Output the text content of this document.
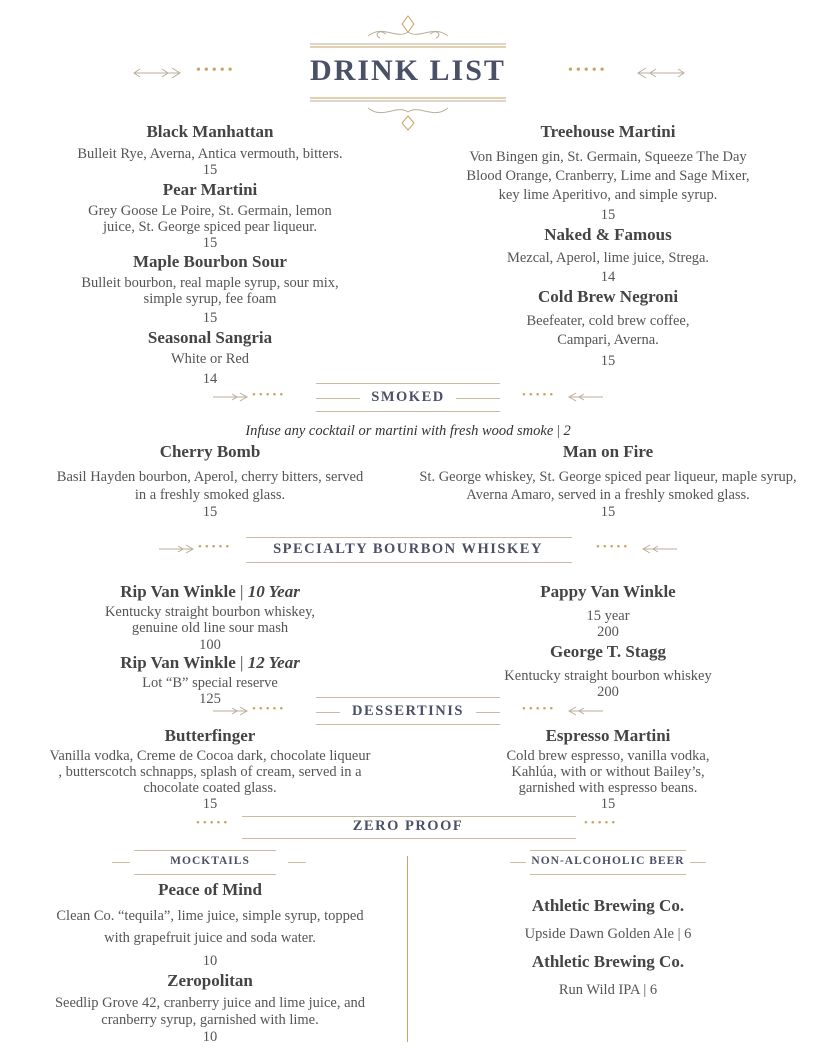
•••••	DRINK LIST	•••••
Black Manhattan
Bulleit Rye, Averna, Antica vermouth, bitters.
15
Pear Martini
Grey Goose Le Poire, St. Germain, lemon juice, St. George spiced pear liqueur.
15
Maple Bourbon Sour
Bulleit bourbon, real maple syrup, sour mix, simple syrup, fee foam
15
Seasonal Sangria
White or Red
14
Treehouse Martini
Von Bingen gin, St. Germain, Squeeze The Day Blood Orange, Cranberry, Lime and Sage Mixer, key lime Aperitivo, and simple syrup.
15
Naked & Famous
Mezcal, Aperol, lime juice, Strega.
14
Cold Brew Negroni
Beefeater, cold brew coffee, Campari, Averna.
15
•••••	SMOKED	•••••
Infuse any cocktail or martini with fresh wood smoke | 2
Cherry Bomb
Basil Hayden bourbon, Aperol, cherry bitters, served in a freshly smoked glass.
15
Man on Fire
St. George whiskey, St. George spiced pear liqueur, maple syrup, Averna Amaro, served in a freshly smoked glass.
15
•••••	SPECIALTY BOURBON WHISKEY	•••••
Rip Van Winkle | 10 Year
Kentucky straight bourbon whiskey, genuine old line sour mash
100
Rip Van Winkle | 12 Year
Lot “B” special reserve
125
Pappy Van Winkle
15 year
200
George T. Stagg
Kentucky straight bourbon whiskey
200
•••••	DESSERTINIS	•••••
Butterfinger
Vanilla vodka, Creme de Cocoa dark, chocolate liqueur , butterscotch schnapps, splash of cream, served in a chocolate coated glass.
15
Espresso Martini
Cold brew espresso, vanilla vodka, Kahlúa, with or without Bailey’s, garnished with espresso beans.
15
•••••	ZERO PROOF	•••••
MOCKTAILS	NON-ALCOHOLIC BEER
Peace of Mind
Clean Co. “tequila”, lime juice, simple syrup, topped with grapefruit juice and soda water.
10
Zeropolitan
Seedlip Grove 42, cranberry juice and lime juice, and cranberry syrup, garnished with lime.
10
Athletic Brewing Co.
Upside Dawn Golden Ale | 6
Athletic Brewing Co.
Run Wild IPA | 6
